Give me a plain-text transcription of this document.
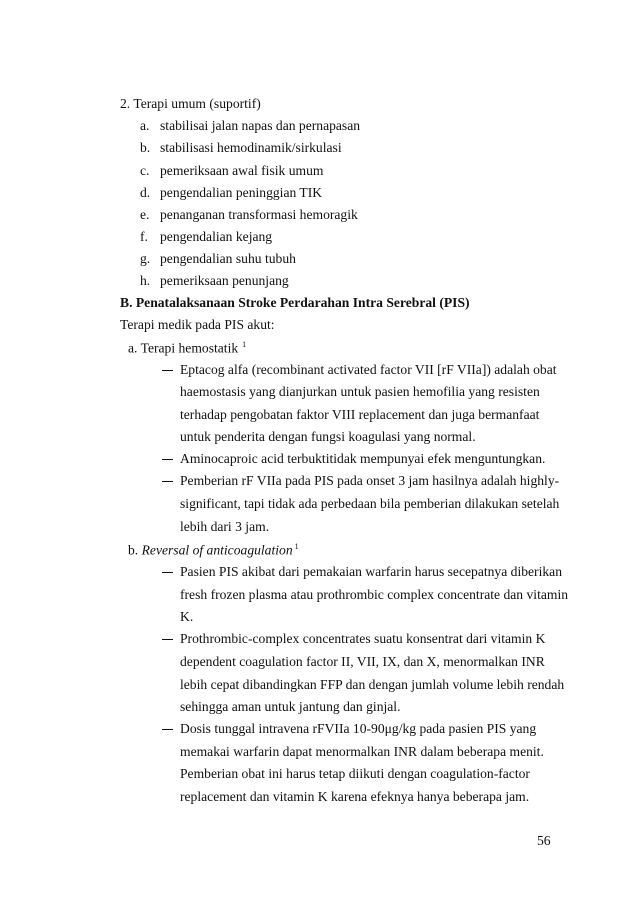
2. Terapi umum (suportif)
a. stabilisai jalan napas dan pernapasan
b. stabilisasi hemodinamik/sirkulasi
c. pemeriksaan awal fisik umum
d. pengendalian peninggian TIK
e. penanganan transformasi hemoragik
f. pengendalian kejang
g. pengendalian suhu tubuh
h. pemeriksaan penunjang
B. Penatalaksanaan Stroke Perdarahan Intra Serebral (PIS)
Terapi medik pada PIS akut:
a. Terapi hemostatik $^1$
Eptacog alfa (recombinant activated factor VII [rF VIIa]) adalah obat
haemostasis yang dianjurkan untuk pasien hemofilia yang resisten
terhadap pengobatan faktor VIII replacement dan juga bermanfaat
untuk penderita dengan fungsi koagulasi yang normal.
Aminocaproic acid terbuktitidak mempunyai efek menguntungkan.
Pemberian rF VIIa pada PIS pada onset 3 jam hasilnya adalah highly-
significant, tapi tidak ada perbedaan bila pemberian dilakukan setelah
lebih dari 3 jam.
b. Reversal of anticoagulation $^1$
Pasien PIS akibat dari pemakaian warfarin harus secepatnya diberikan
fresh frozen plasma atau prothrombic complex concentrate dan vitamin
K.
Prothrombic-complex concentrates suatu konsentrat dari vitamin K
dependent coagulation factor II, VII, IX, dan X, menormalkan INR
lebih cepat dibandingkan FFP dan dengan jumlah volume lebih rendah
sehingga aman untuk jantung dan ginjal.
Dosis tunggal intravena rFVIIa 10-90μg/kg pada pasien PIS yang
memakai warfarin dapat menormalkan INR dalam beberapa menit.
Pemberian obat ini harus tetap diikuti dengan coagulation-factor
replacement dan vitamin K karena efeknya hanya beberapa jam.
56
